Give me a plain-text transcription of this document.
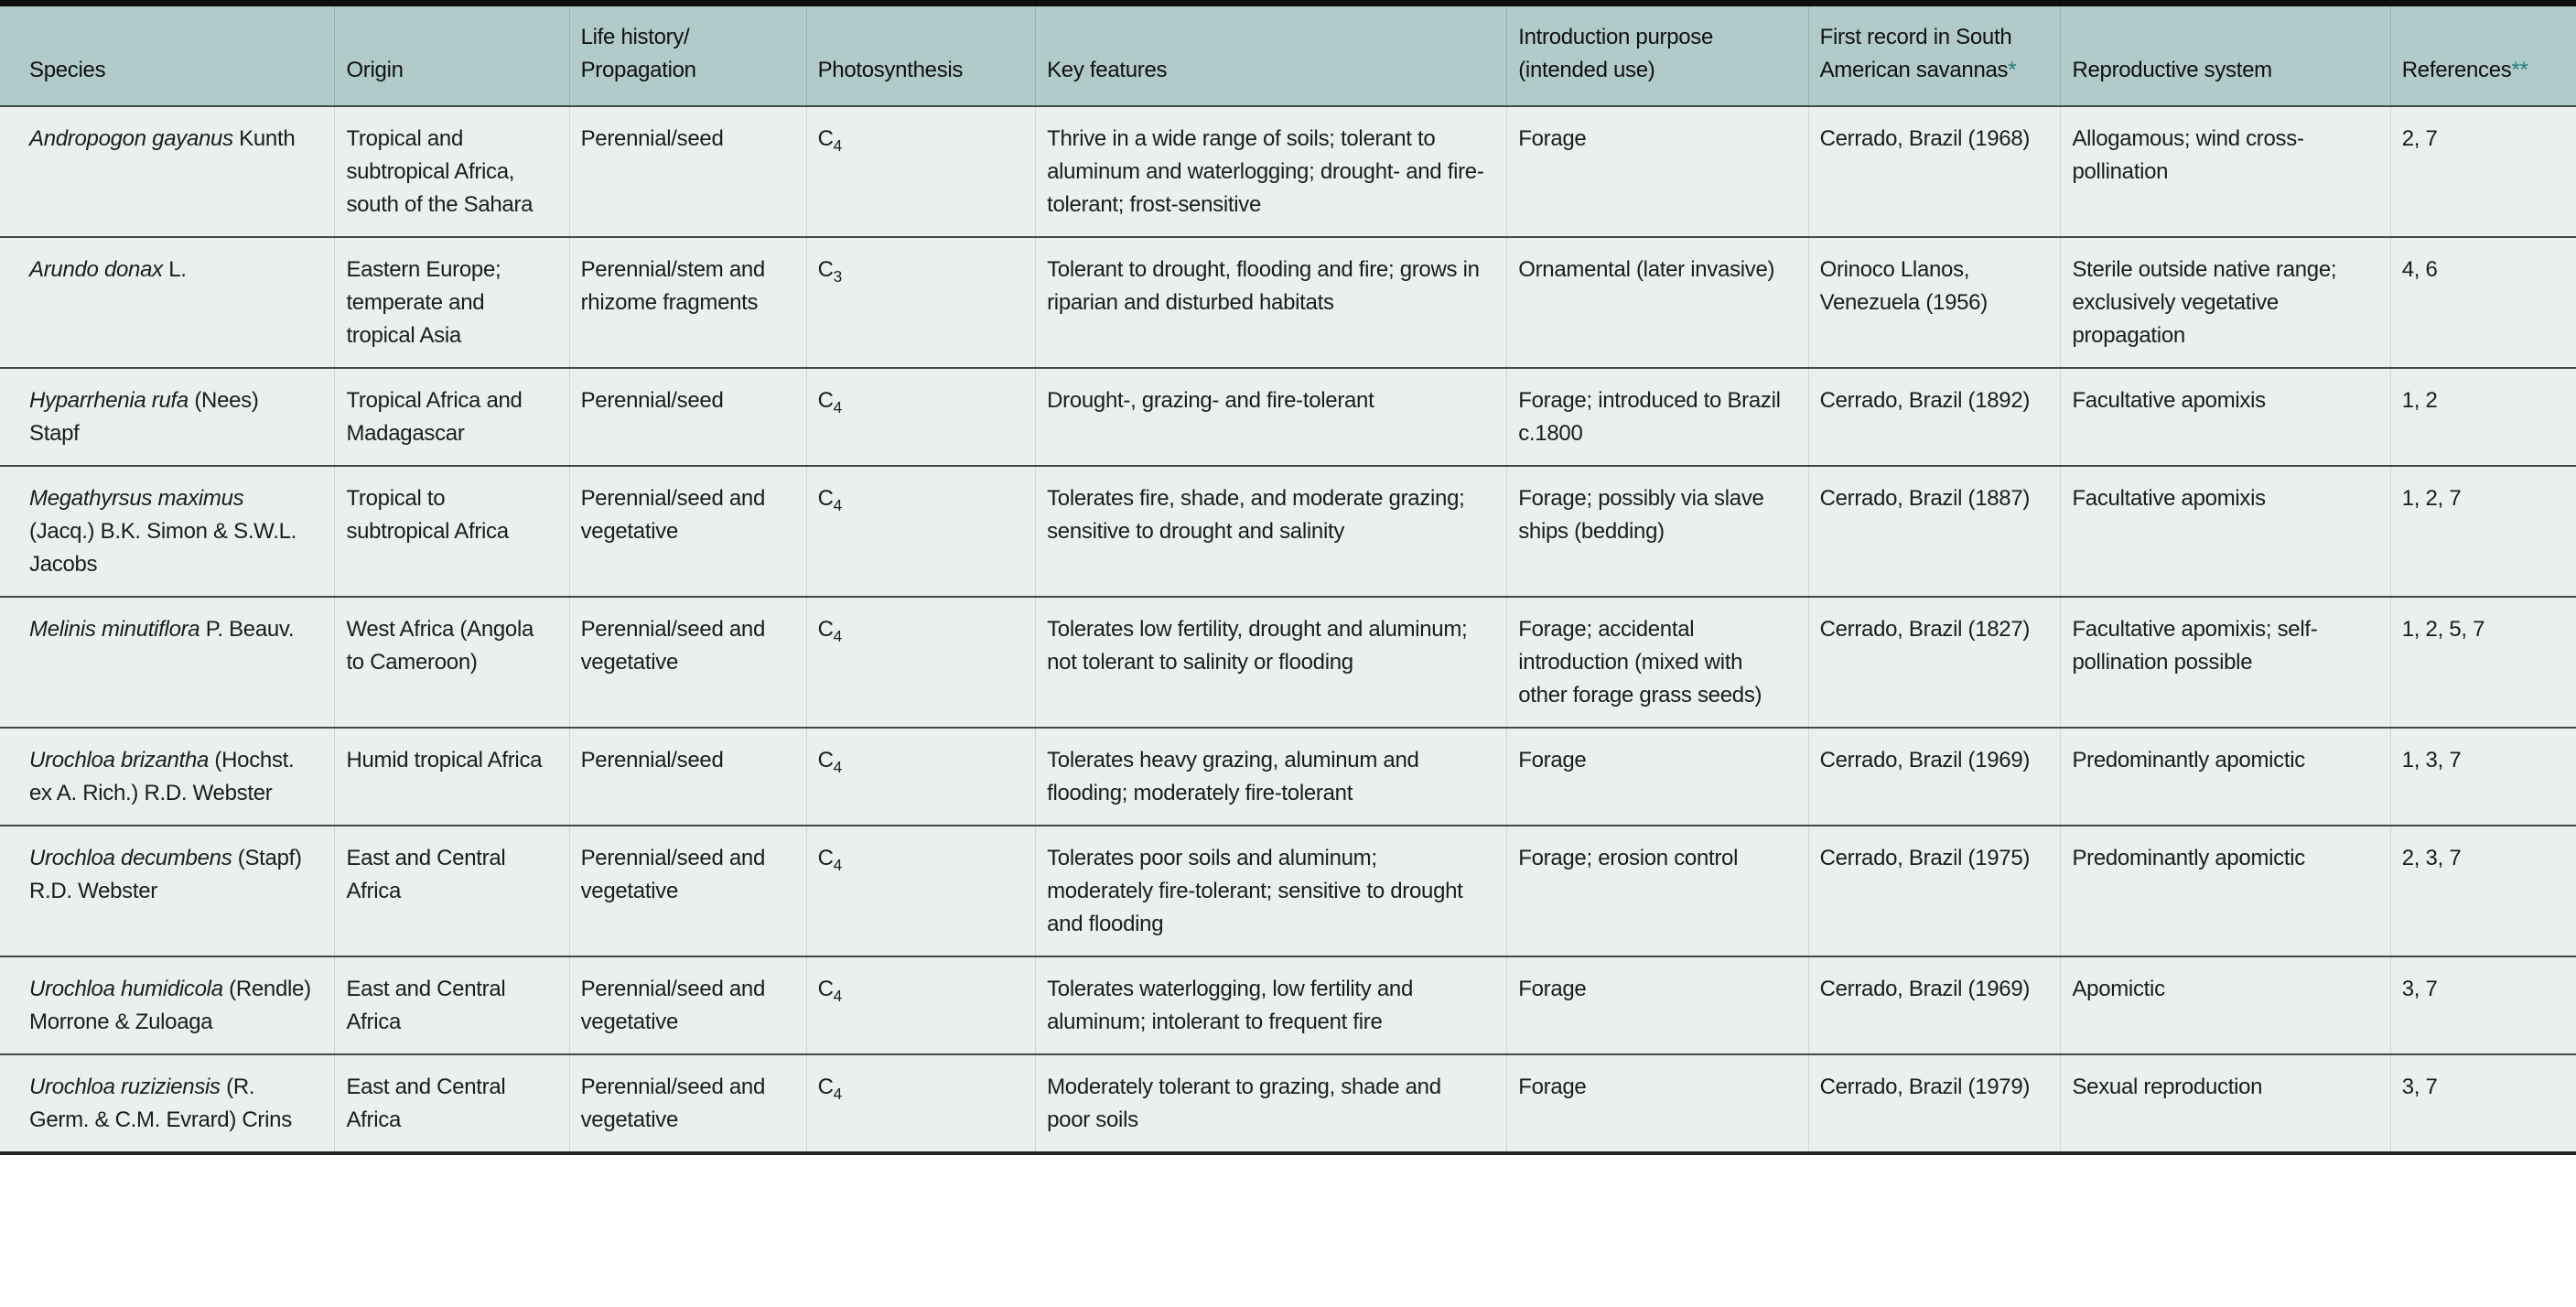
Species	Origin	Life history/ Propagation	Photosynthesis	Key features	Introduction purpose (intended use)	First record in South American savannas*	Reproductive system	References**
Andropogon gayanus Kunth	Tropical and subtropical Africa, south of the Sahara	Perennial/seed	$C_4$	Thrive in a wide range of soils; tolerant to aluminum and waterlogging; drought- and fire-tolerant; frost-sensitive	Forage	Cerrado, Brazil (1968)	Allogamous; wind cross-pollination	2, 7
Arundo donax L.	Eastern Europe; temperate and tropical Asia	Perennial/stem and rhizome fragments	$C_3$	Tolerant to drought, flooding and fire; grows in riparian and disturbed habitats	Ornamental (later invasive)	Orinoco Llanos, Venezuela (1956)	Sterile outside native range; exclusively vegetative propagation	4, 6
Hyparrhenia rufa (Nees) Stapf	Tropical Africa and Madagascar	Perennial/seed	$C_4$	Drought-, grazing- and fire-tolerant	Forage; introduced to Brazil c.1800	Cerrado, Brazil (1892)	Facultative apomixis	1, 2
Megathyrsus maximus (Jacq.) B.K. Simon & S.W.L. Jacobs	Tropical to subtropical Africa	Perennial/seed and vegetative	$C_4$	Tolerates fire, shade, and moderate grazing; sensitive to drought and salinity	Forage; possibly via slave ships (bedding)	Cerrado, Brazil (1887)	Facultative apomixis	1, 2, 7
Melinis minutiflora P. Beauv.	West Africa (Angola to Cameroon)	Perennial/seed and vegetative	$C_4$	Tolerates low fertility, drought and aluminum; not tolerant to salinity or flooding	Forage; accidental introduction (mixed with other forage grass seeds)	Cerrado, Brazil (1827)	Facultative apomixis; self-pollination possible	1, 2, 5, 7
Urochloa brizantha (Hochst. ex A. Rich.) R.D. Webster	Humid tropical Africa	Perennial/seed	$C_4$	Tolerates heavy grazing, aluminum and flooding; moderately fire-tolerant	Forage	Cerrado, Brazil (1969)	Predominantly apomictic	1, 3, 7
Urochloa decumbens (Stapf) R.D. Webster	East and Central Africa	Perennial/seed and vegetative	$C_4$	Tolerates poor soils and aluminum; moderately fire-tolerant; sensitive to drought and flooding	Forage; erosion control	Cerrado, Brazil (1975)	Predominantly apomictic	2, 3, 7
Urochloa humidicola (Rendle) Morrone & Zuloaga	East and Central Africa	Perennial/seed and vegetative	$C_4$	Tolerates waterlogging, low fertility and aluminum; intolerant to frequent fire	Forage	Cerrado, Brazil (1969)	Apomictic	3, 7
Urochloa ruziziensis (R. Germ. & C.M. Evrard) Crins	East and Central Africa	Perennial/seed and vegetative	$C_4$	Moderately tolerant to grazing, shade and poor soils	Forage	Cerrado, Brazil (1979)	Sexual reproduction	3, 7
